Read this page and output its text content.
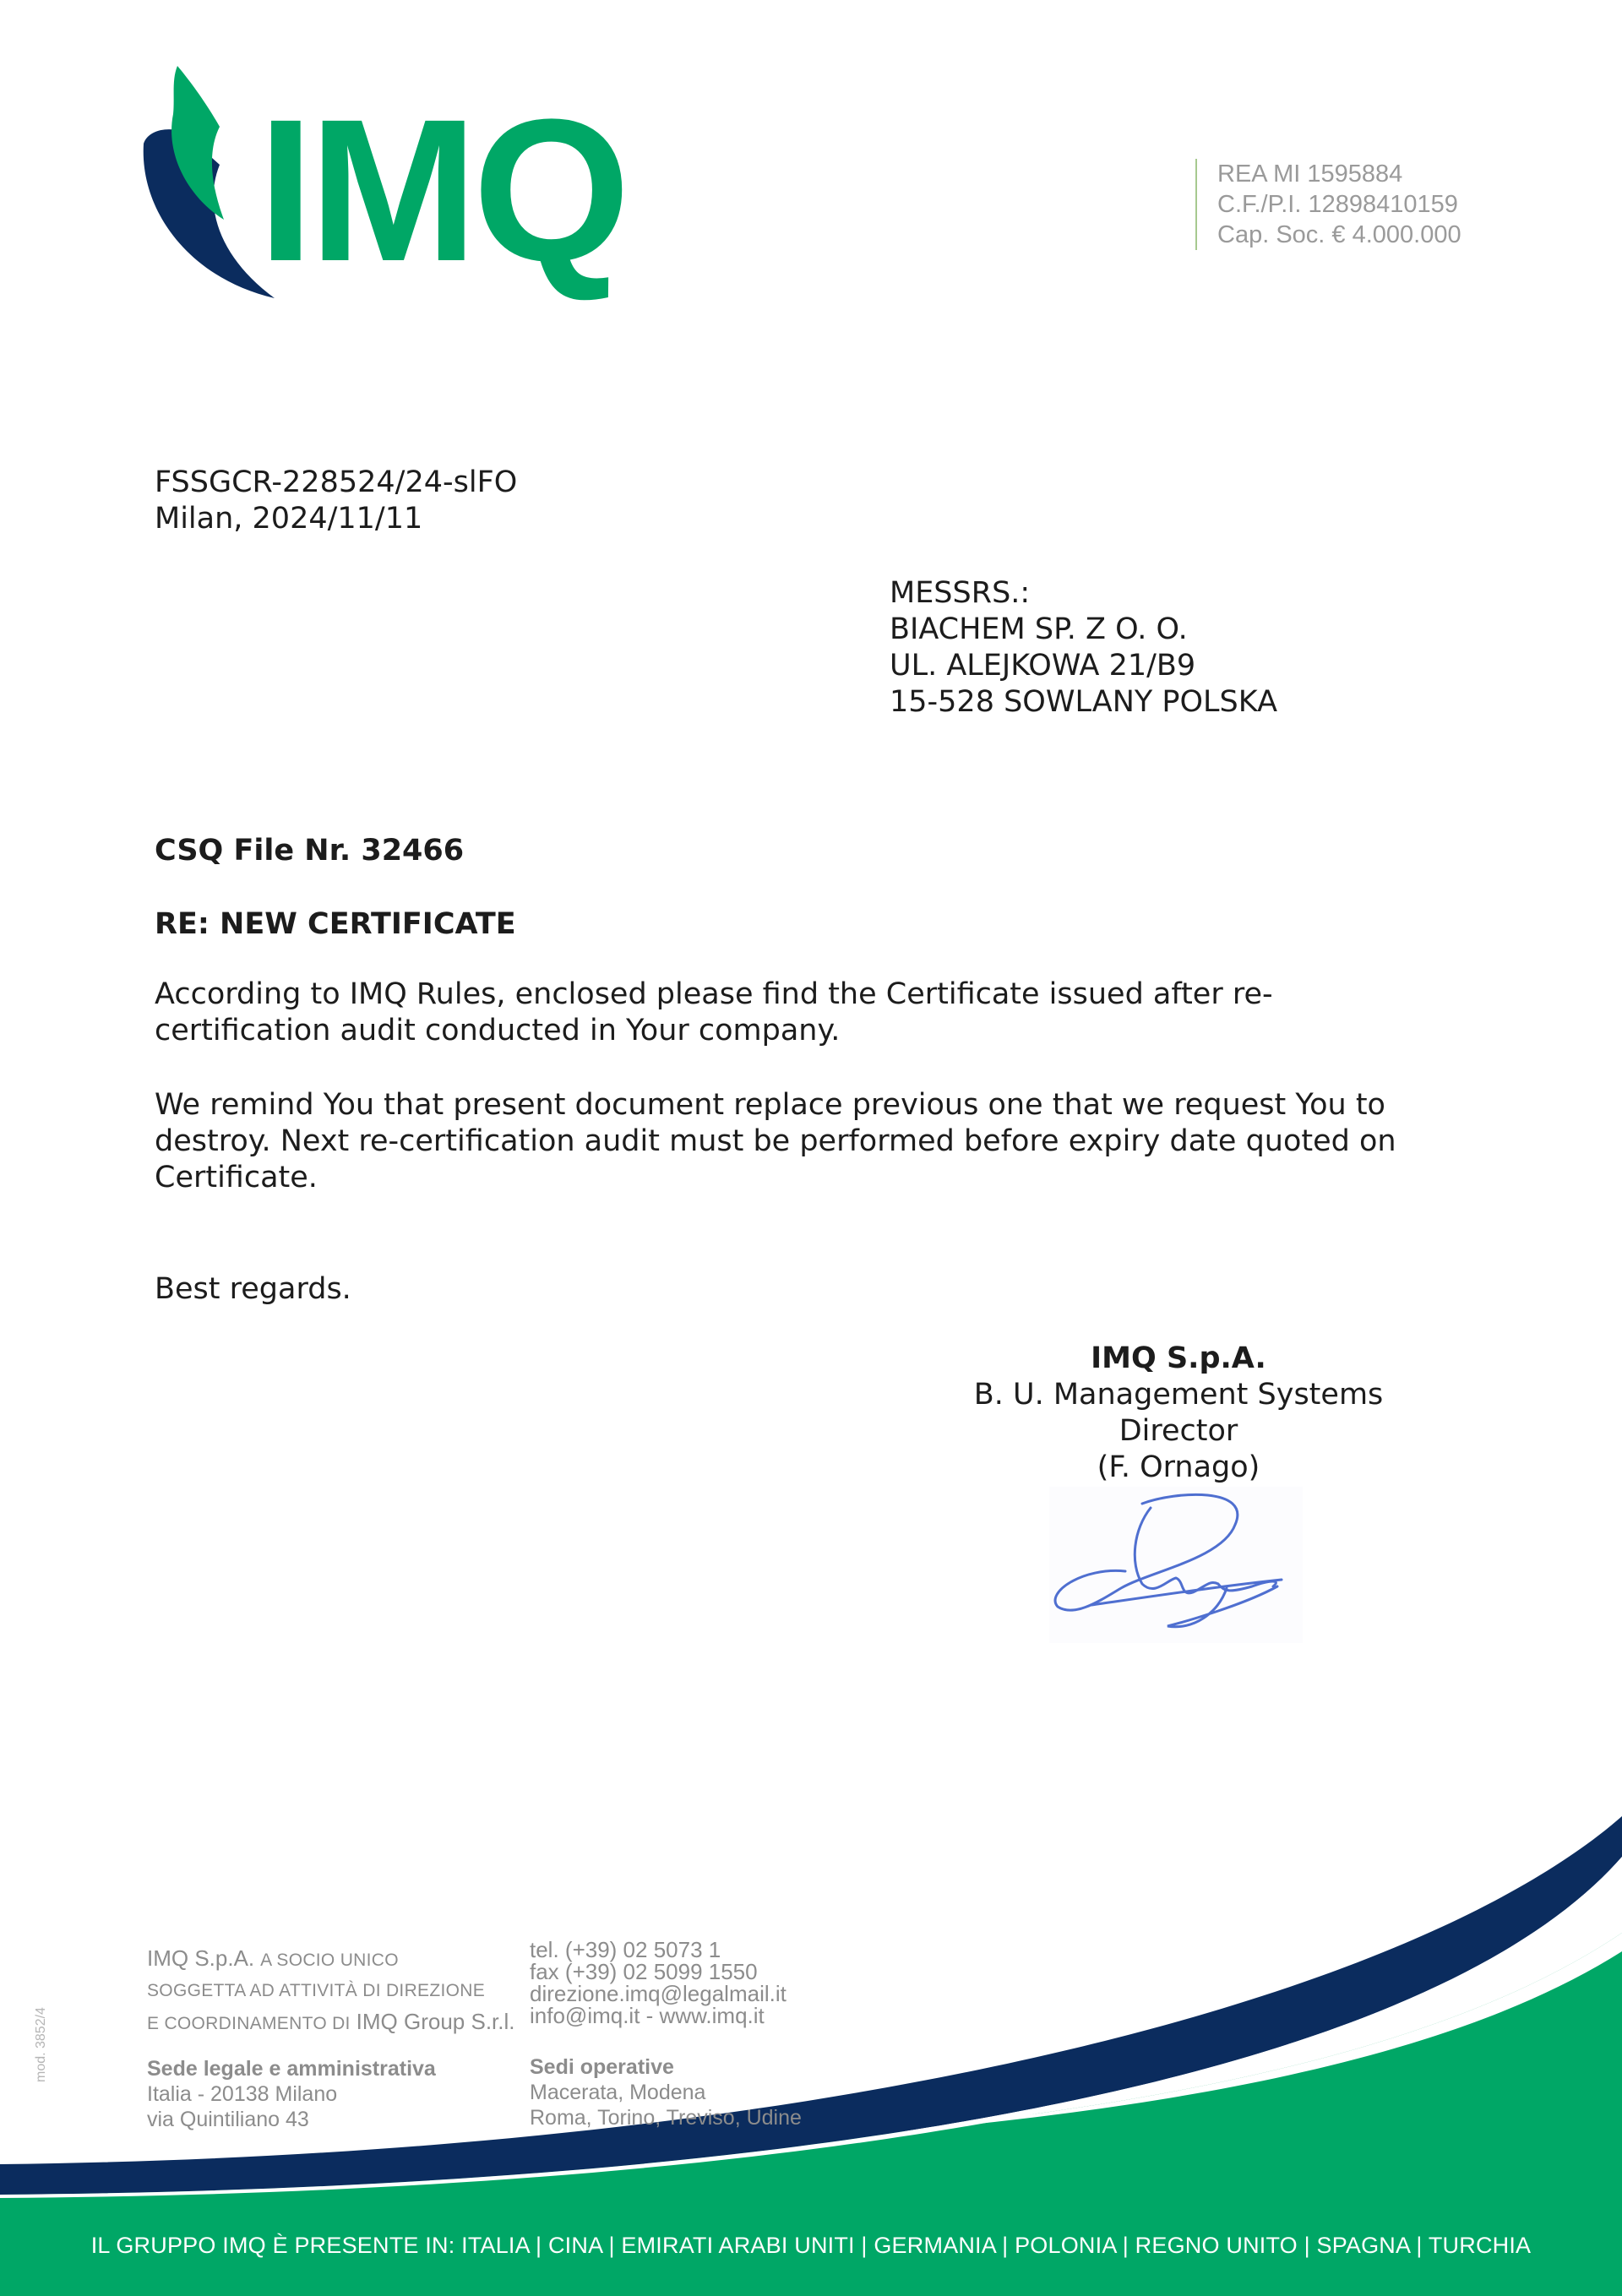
IMQ	REA MI 1595884
C.F./P.I. 12898410159
Cap. Soc. € 4.000.000
FSSGCR-228524/24-slFO
Milan, 2024/11/11
MESSRS.:
BIACHEM SP. Z O. O.
UL. ALEJKOWA 21/B9
15-528 SOWLANY POLSKA
CSQ File Nr. 32466
RE: NEW CERTIFICATE
According to IMQ Rules, enclosed please find the Certificate issued after re-certification audit conducted in Your company.
We remind You that present document replace previous one that we request You to destroy. Next re-certification audit must be performed before expiry date quoted on Certificate.
Best regards.
IMQ S.p.A.
B. U. Management Systems
Director
(F. Ornago)
IMQ S.p.A. A SOCIO UNICO
SOGGETTA AD ATTIVITÀ DI DIREZIONE
E COORDINAMENTO DI IMQ Group S.r.l.
tel. (+39) 02 5073 1
fax (+39) 02 5099 1550
direzione.imq@legalmail.it
info@imq.it - www.imq.it
Sede legale e amministrativa
Italia - 20138 Milano
via Quintiliano 43
Sedi operative
Macerata, Modena
Roma, Torino, Treviso, Udine
mod. 3852/4
IL GRUPPO IMQ È PRESENTE IN: ITALIA | CINA | EMIRATI ARABI UNITI | GERMANIA | POLONIA | REGNO UNITO | SPAGNA | TURCHIA
